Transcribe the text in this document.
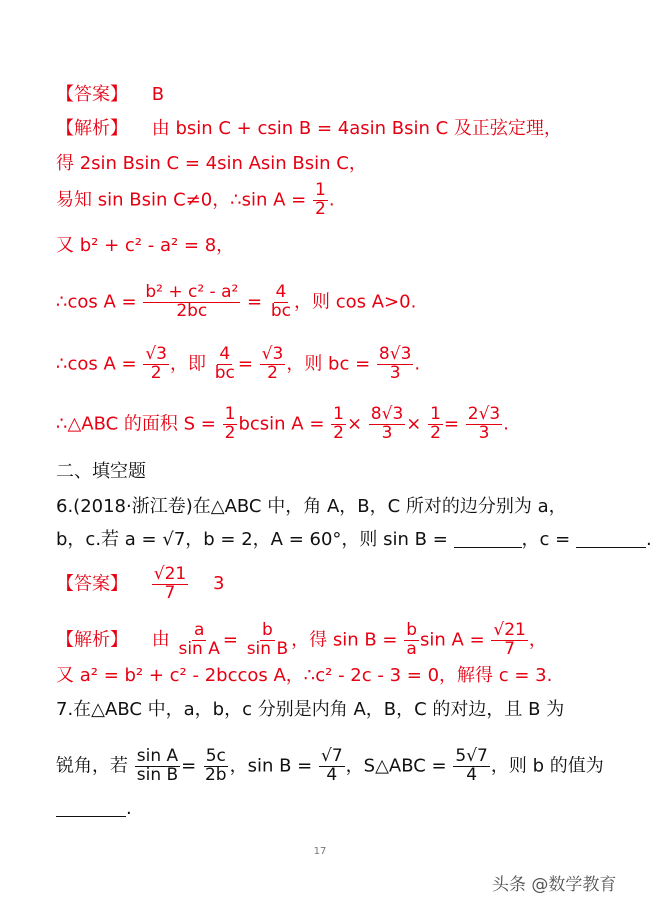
【答案】 B
【解析】 由 bsin C + csin B = 4asin Bsin C 及正弦定理，
得 2sin Bsin C = 4sin Asin Bsin C，
易知 sin Bsin C≠0，∴sin $A = \frac{1}{2}$ .
又 b² + c² - a² = 8，
∴cos $A = \frac{\text{b² + c² - a²}}{2bc} = \frac{4}{bc}$ ，则 cos A>0.
∴cos $A = \frac{√3}{2}$ ，即 $\frac{4}{bc} = \frac{√3}{2}$ ，则 bc = $\frac{8√3}{3}$ .
∴△ABC 的面积 $S = \frac{1}{2}$ bcsin $A = \frac{1}{2} \times \frac{8√3}{3} \times \frac{1}{2} = \frac{2√3}{3}$ .
二、填空题
6.(2018·浙江卷)在△ABC 中，角 A，B，C 所对的边分别为 a，
b，c.若 a = √7，b = 2，A = 60°，则 sin B =	，c =	.
【答案】 $\frac{√21}{7} 3$
【解析】 由 $\frac{a}{\text{sin A}} = \frac{b}{\text{sin B}}$ ，得 $\sin B = \frac{b}{a}$ $\sin A = \frac{√21}{7}$ ，
又 a² = b² + c² - 2bccos A，∴c² - 2c - 3 = 0，解得 c = 3.
7.在△ABC 中，a，b，c 分别是内角 A，B，C 的对边，且 B 为
锐角，若 $\frac{\text{sin A}}{\text{sin B}} = \frac{5c}{2b}$ ，$\sin B = \frac{√7}{4}$ ，S△ABC = $\frac{5√7}{4}$ ，则 b 的值为
.
17
头条 @数学教育
